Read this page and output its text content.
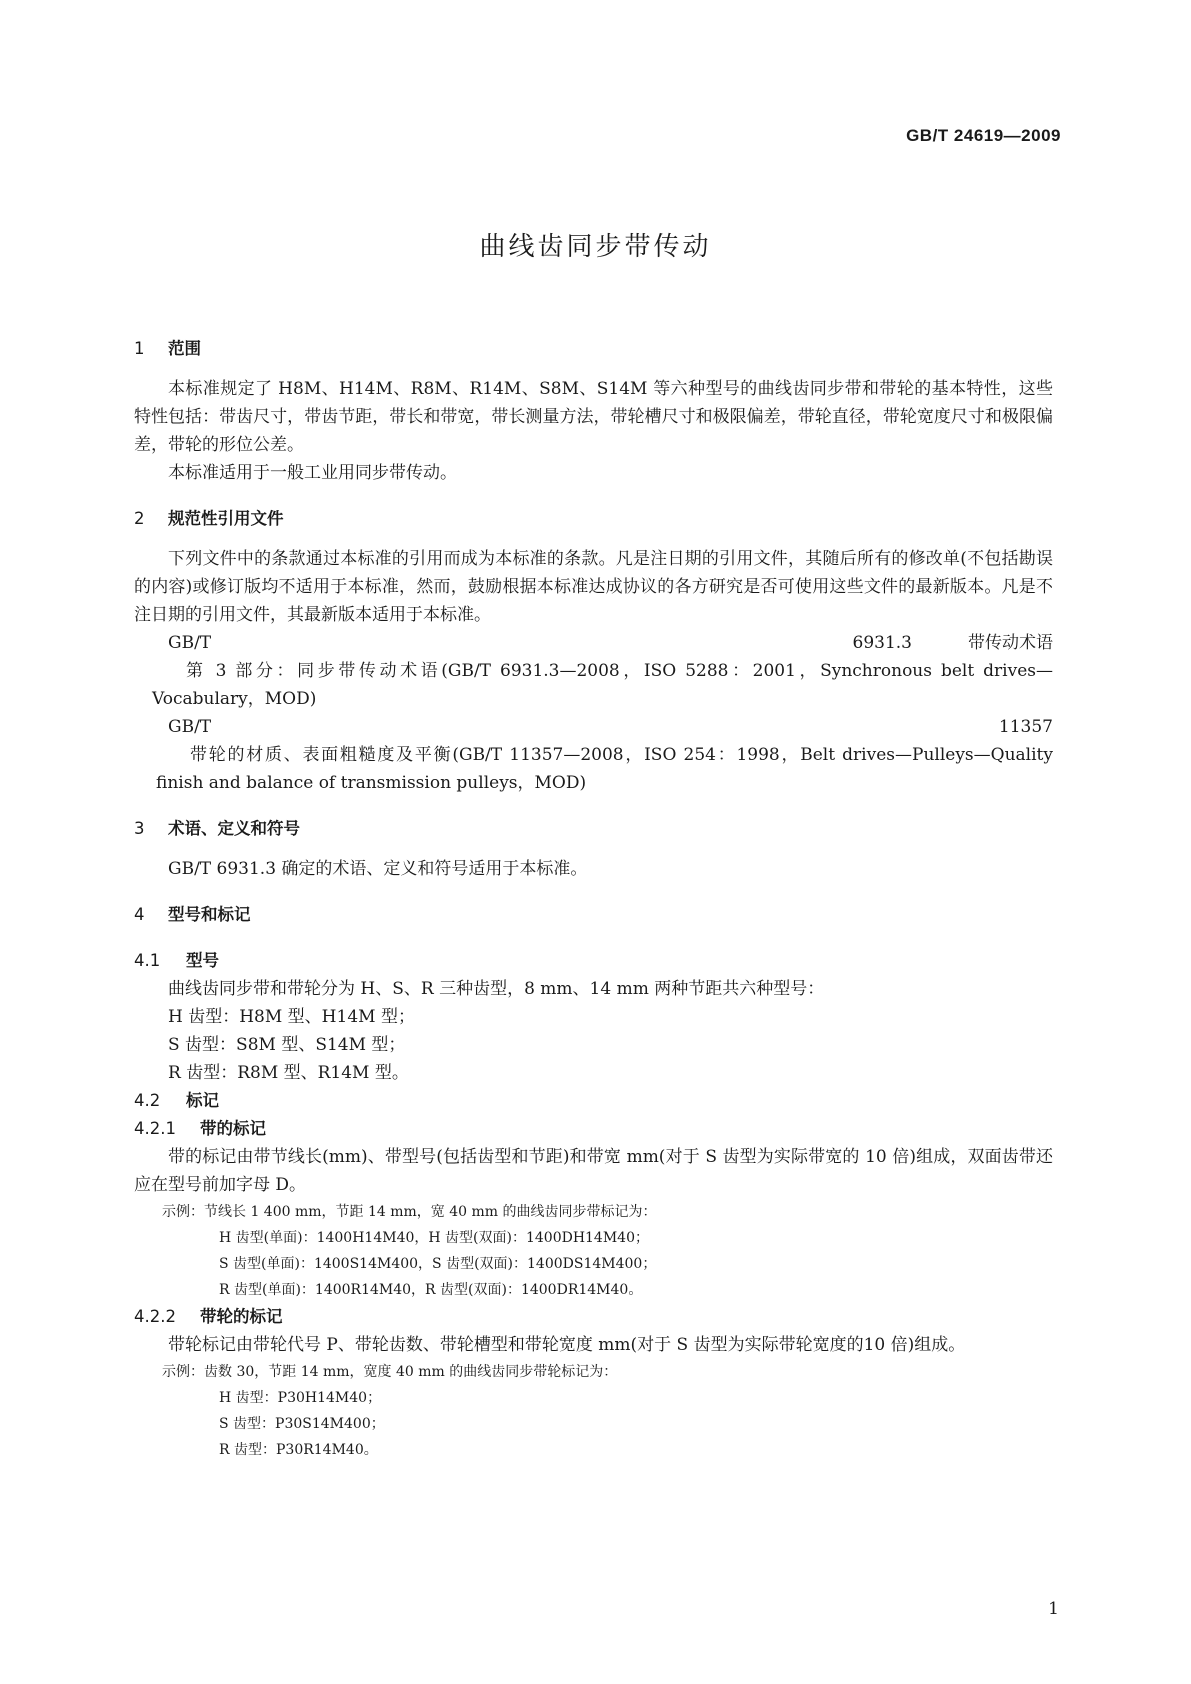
GB/T 24619—2009
曲线齿同步带传动
1 范围

本标准规定了 H8M、H14M、R8M、R14M、S8M、S14M 等六种型号的曲线齿同步带和带轮的基本特性，这些特性包括：带齿尺寸，带齿节距，带长和带宽，带长测量方法，带轮槽尺寸和极限偏差，带轮直径，带轮宽度尺寸和极限偏差，带轮的形位公差。

本标准适用于一般工业用同步带传动。

2 规范性引用文件

下列文件中的条款通过本标准的引用而成为本标准的条款。凡是注日期的引用文件，其随后所有的修改单(不包括勘误的内容)或修订版均不适用于本标准，然而，鼓励根据本标准达成协议的各方研究是否可使用这些文件的最新版本。凡是不注日期的引用文件，其最新版本适用于本标准。

GB/T 6931.3	带传动术语第 3 部分：同步带传动术语(GB/T 6931.3—2008，ISO 5288：2001，Synchronous belt drives—Vocabulary，MOD)

GB/T 11357带轮的材质、表面粗糙度及平衡(GB/T 11357—2008，ISO 254：1998，Belt drives—Pulleys—Quality finish and balance of transmission pulleys，MOD)

3 术语、定义和符号

GB/T 6931.3 确定的术语、定义和符号适用于本标准。

4 型号和标记
4.1 型号

曲线齿同步带和带轮分为 H、S、R 三种齿型，8 mm、14 mm 两种节距共六种型号：

H 齿型：H8M 型、H14M 型；

S 齿型：S8M 型、S14M 型；

R 齿型：R8M 型、R14M 型。

4.2 标记
4.2.1 带的标记

带的标记由带节线长(mm)、带型号(包括齿型和节距)和带宽 mm(对于 S 齿型为实际带宽的 10 倍)组成，双面齿带还应在型号前加字母 D。

示例：节线长 1 400 mm，节距 14 mm，宽 40 mm 的曲线齿同步带标记为：

H 齿型(单面)：1400H14M40，H 齿型(双面)：1400DH14M40；

S 齿型(单面)：1400S14M400，S 齿型(双面)：1400DS14M400；

R 齿型(单面)：1400R14M40，R 齿型(双面)：1400DR14M40。

4.2.2 带轮的标记

带轮标记由带轮代号 P、带轮齿数、带轮槽型和带轮宽度 mm(对于 S 齿型为实际带轮宽度的10 倍)组成。

示例：齿数 30，节距 14 mm，宽度 40 mm 的曲线齿同步带轮标记为：

H 齿型：P30H14M40；

S 齿型：P30S14M400；

R 齿型：P30R14M40。

1
